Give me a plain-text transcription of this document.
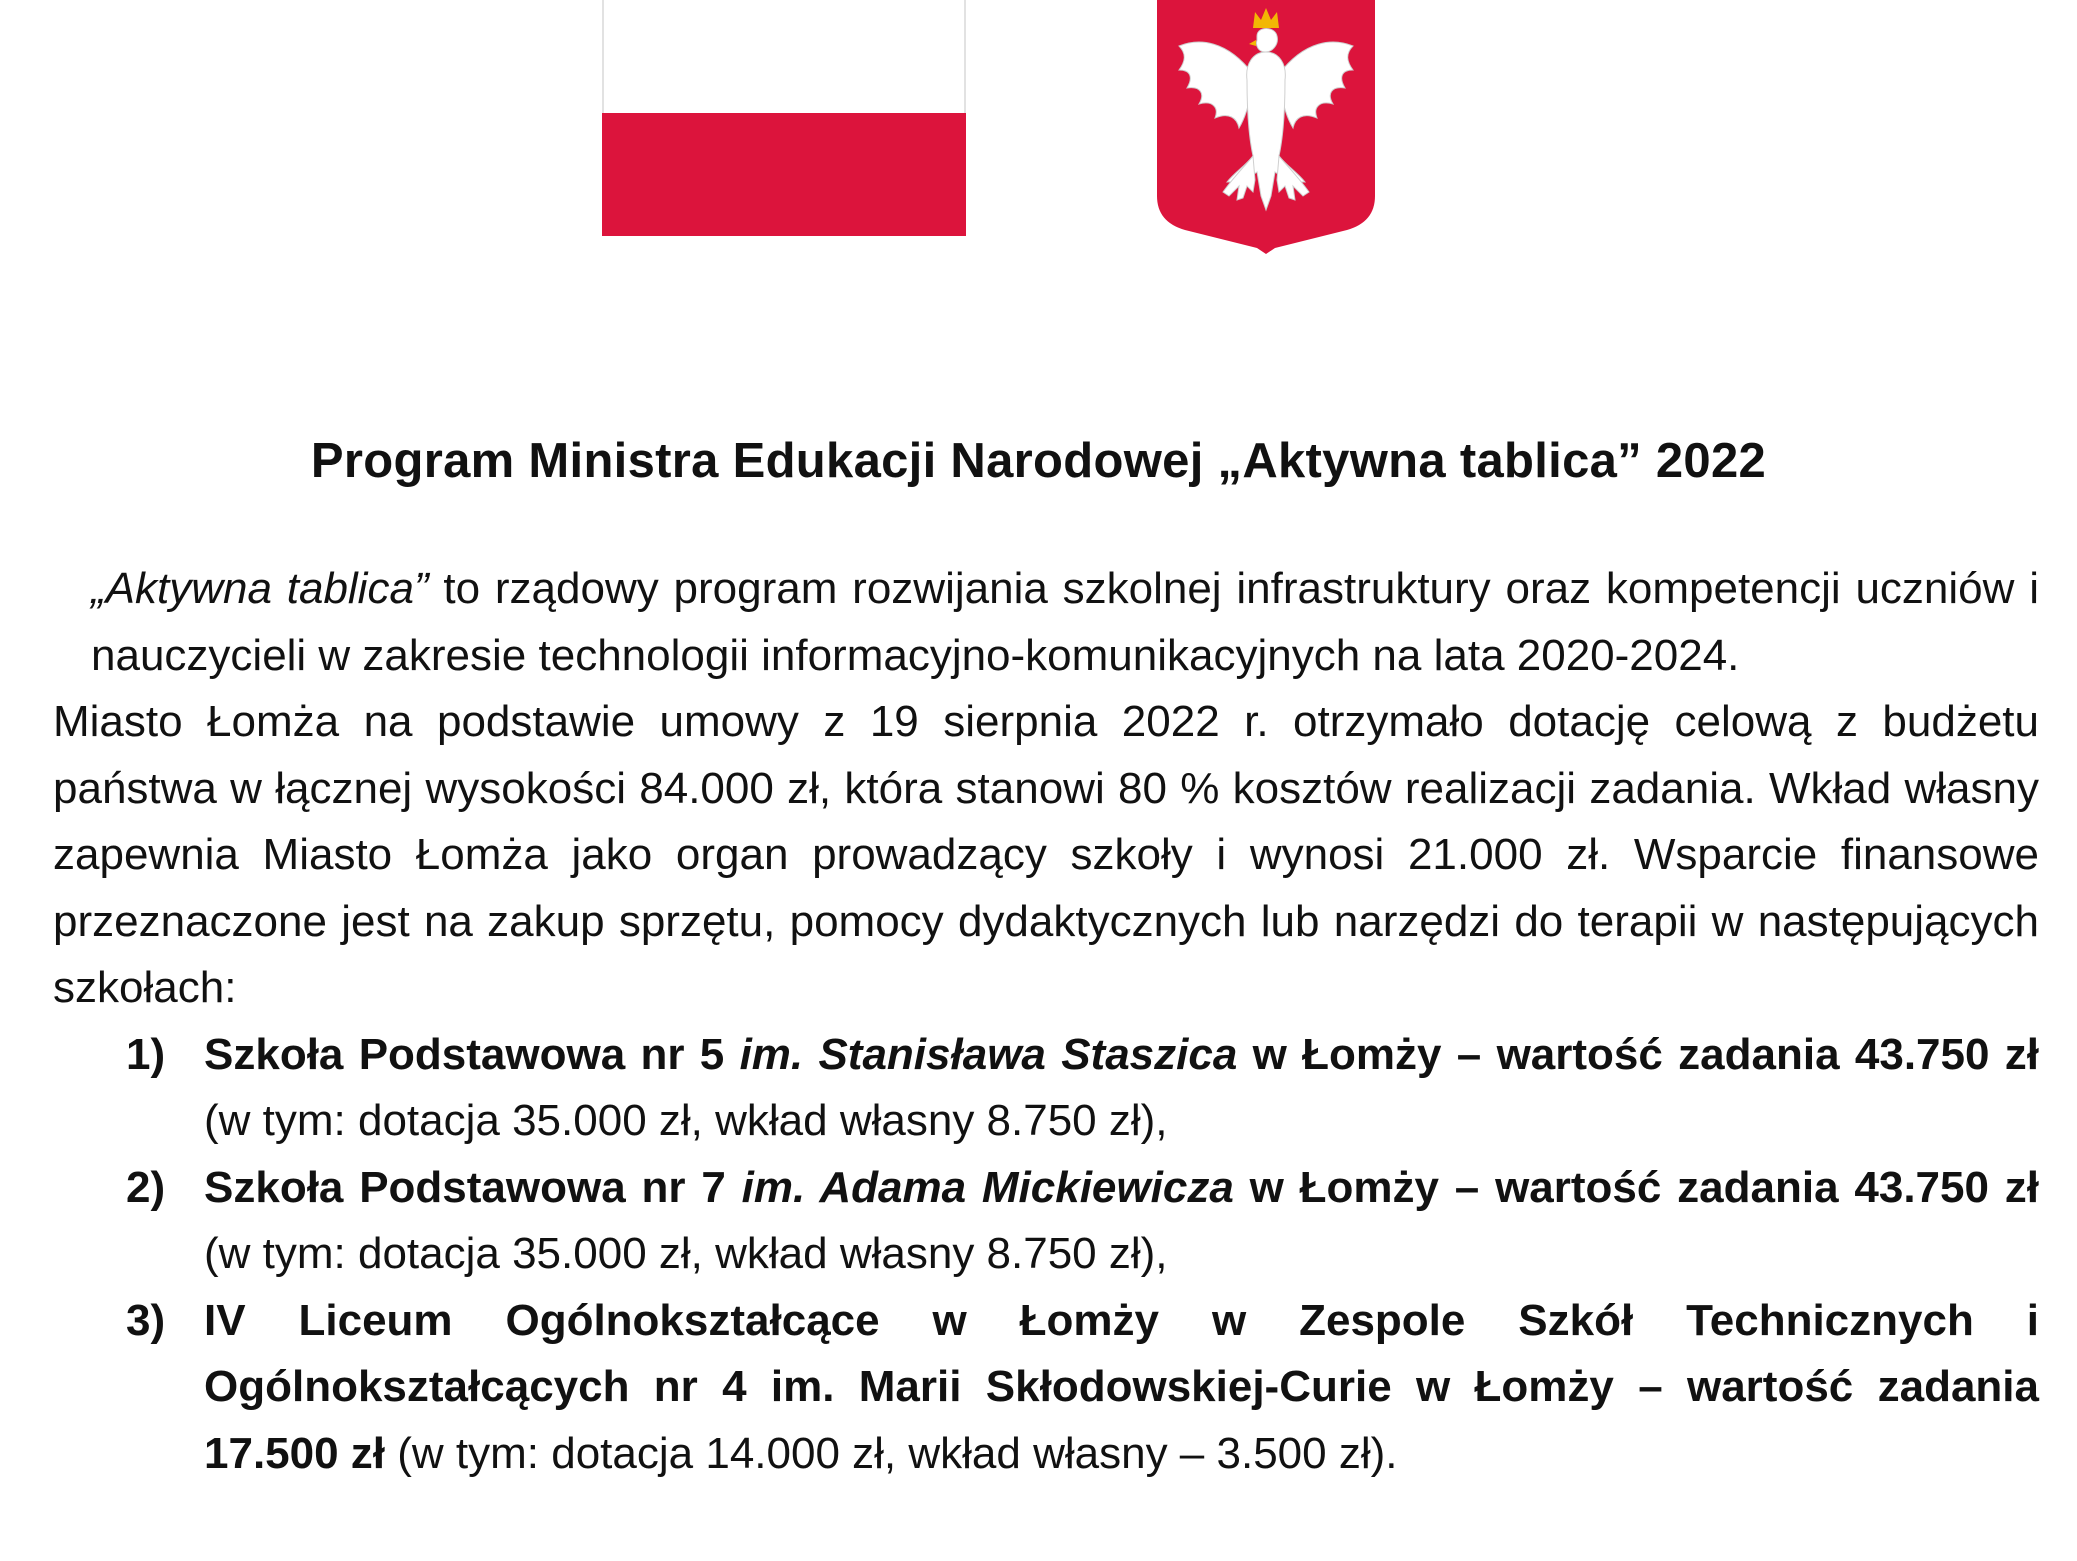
Program Ministra Edukacji Narodowej „Aktywna tablica” 2022

„Aktywna tablica” to rządowy program rozwijania szkolnej infrastruktury oraz kompetencji uczniów i nauczycieli w zakresie technologii informacyjno-komunikacyjnych na lata 2020-2024.

Miasto Łomża na podstawie umowy z 19 sierpnia 2022 r. otrzymało dotację celową z budżetu państwa w łącznej wysokości 84.000 zł, która stanowi 80 % kosztów realizacji zadania. Wkład własny zapewnia Miasto Łomża jako organ prowadzący szkoły i wynosi 21.000 zł. Wsparcie finansowe przeznaczone jest na zakup sprzętu, pomocy dydaktycznych lub narzędzi do terapii w następujących szkołach:

1) Szkoła Podstawowa nr 5 im. Stanisława Staszica w Łomży – wartość zadania 43.750 zł (w tym: dotacja 35.000 zł, wkład własny 8.750 zł),
2) Szkoła Podstawowa nr 7 im. Adama Mickiewicza w Łomży – wartość zadania 43.750 zł (w tym: dotacja 35.000 zł, wkład własny 8.750 zł),
3) IV Liceum Ogólnokształcące w Łomży w Zespole Szkół Technicznych i Ogólnokształcących nr 4 im. Marii Skłodowskiej-Curie w Łomży – wartość zadania 17.500 zł (w tym: dotacja 14.000 zł, wkład własny – 3.500 zł).
